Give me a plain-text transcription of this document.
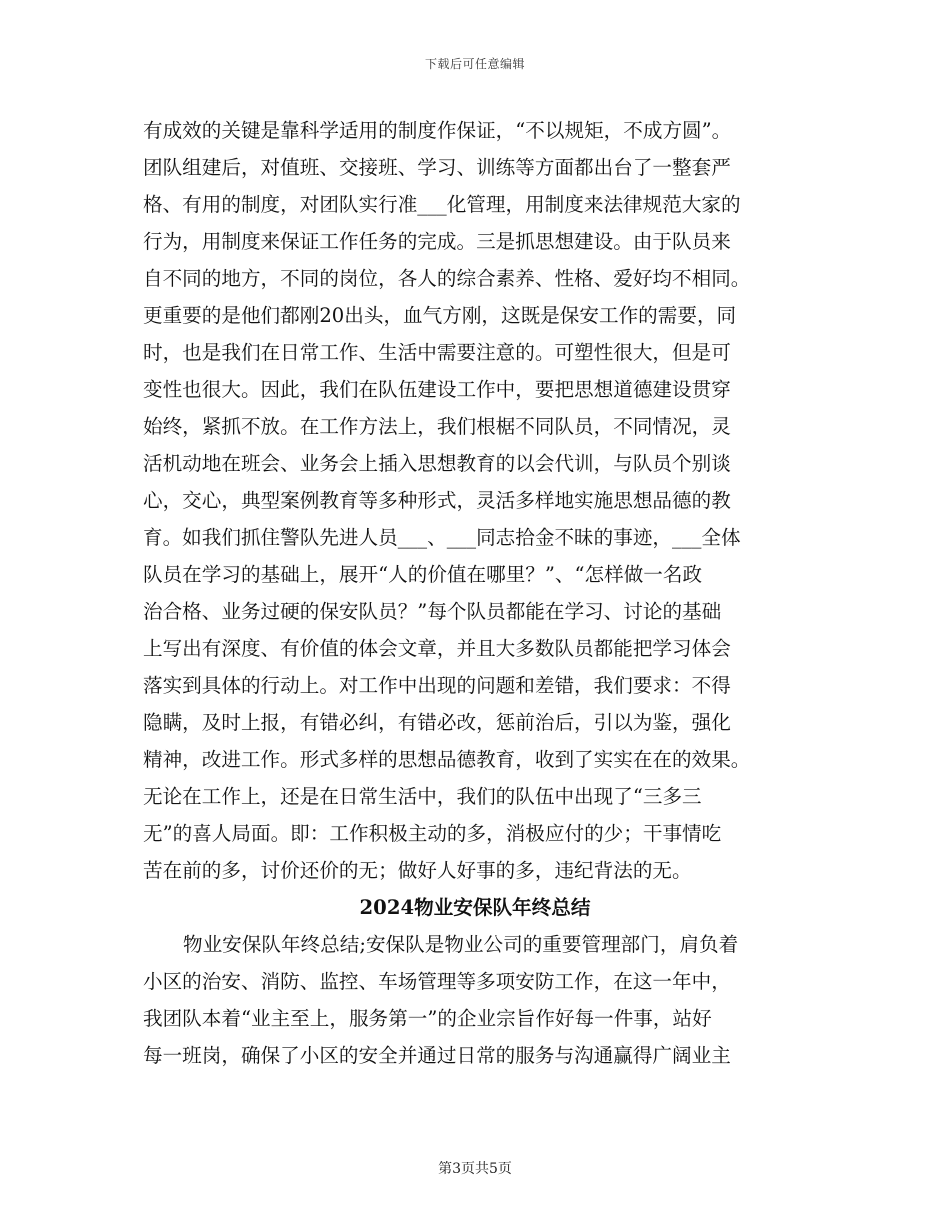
下载后可任意编辑
有成效的关键是靠科学适用的制度作保证，“不以规矩，不成方圆”。
团队组建后，对值班、交接班、学习、训练等方面都出台了一整套严
格、有用的制度，对团队实行准___化管理，用制度来法律规范大家的
行为，用制度来保证工作任务的完成。三是抓思想建设。由于队员来
自不同的地方，不同的岗位，各人的综合素养、性格、爱好均不相同。
更重要的是他们都刚20出头，血气方刚，这既是保安工作的需要，同
时，也是我们在日常工作、生活中需要注意的。可塑性很大，但是可
变性也很大。因此，我们在队伍建设工作中，要把思想道德建设贯穿
始终，紧抓不放。在工作方法上，我们根椐不同队员，不同情况，灵
活机动地在班会、业务会上插入思想教育的以会代训，与队员个别谈
心，交心，典型案例教育等多种形式，灵活多样地实施思想品德的教
育。如我们抓住警队先进人员___、___同志拾金不昧的事迹，___全体
队员在学习的基础上，展开“人的价值在哪里？”、“怎样做一名政
治合格、业务过硬的保安队员？”每个队员都能在学习、讨论的基础
上写出有深度、有价值的体会文章，并且大多数队员都能把学习体会
落实到具体的行动上。对工作中出现的问题和差错，我们要求：不得
隐瞒，及时上报，有错必纠，有错必改，惩前治后，引以为鉴，强化
精神，改进工作。形式多样的思想品德教育，收到了实实在在的效果。
无论在工作上，还是在日常生活中，我们的队伍中出现了“三多三
无”的喜人局面。即：工作积极主动的多，消极应付的少；干事情吃
苦在前的多，讨价还价的无；做好人好事的多，违纪背法的无。
2024物业安保队年终总结
物业安保队年终总结;安保队是物业公司的重要管理部门，肩负着
小区的治安、消防、监控、车场管理等多项安防工作，在这一年中，
我团队本着“业主至上，服务第一”的企业宗旨作好每一件事，站好
每一班岗，确保了小区的安全并通过日常的服务与沟通赢得广阔业主
第3页共5页
